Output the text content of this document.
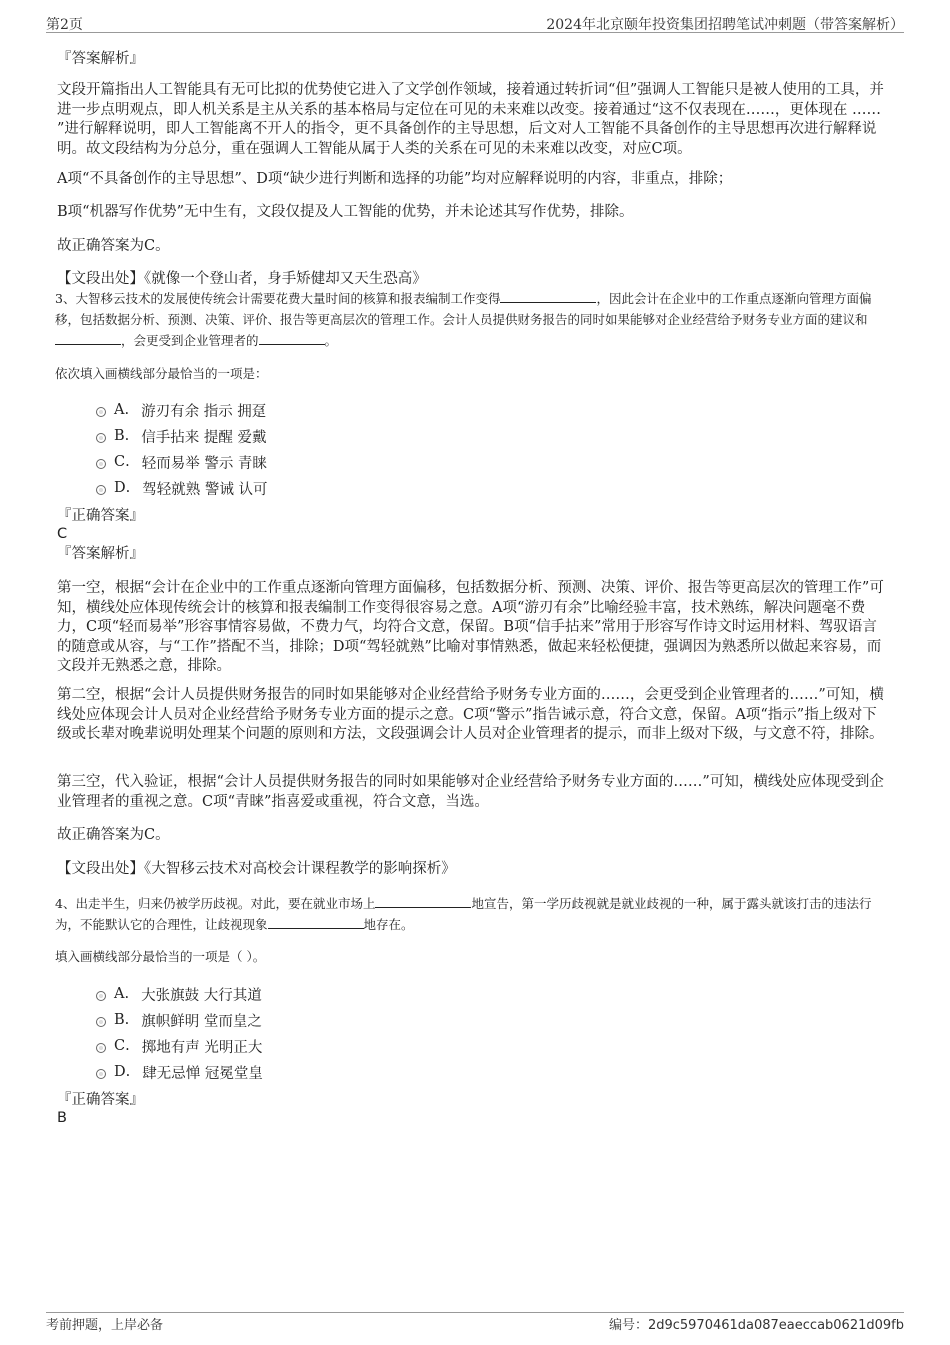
第2页	2024年北京颐年投资集团招聘笔试冲刺题（带答案解析）
『答案解析』

文段开篇指出人工智能具有无可比拟的优势使它进入了文学创作领域，接着通过转折词“但”强调人工智能只是被人使用的工具，并进一步点明观点，即人机关系是主从关系的基本格局与定位在可见的未来难以改变。接着通过“这不仅表现在……，更体现在 …… ”进行解释说明，即人工智能离不开人的指令，更不具备创作的主导思想，后文对人工智能不具备创作的主导思想再次进行解释说明。故文段结构为分总分，重在强调人工智能从属于人类的关系在可见的未来难以改变，对应C项。

A项“不具备创作的主导思想”、D项“缺少进行判断和选择的功能”均对应解释说明的内容，非重点，排除；

B项“机器写作优势”无中生有，文段仅提及人工智能的优势，并未论述其写作优势，排除。

故正确答案为C。

【文段出处】《就像一个登山者，身手矫健却又天生恐高》

3、大智移云技术的发展使传统会计需要花费大量时间的核算和报表编制工作变得	，因此会计在企业中的工作重点逐渐向管理方面偏移，包括数据分析、预测、决策、评价、报告等更高层次的管理工作。会计人员提供财务报告的同时如果能够对企业经营给予财务专业方面的建议和，会更受到企业管理者的	。

依次填入画横线部分最恰当的一项是：

A . 游刃有余 指示 拥趸
B . 信手拈来 提醒 爱戴
C . 轻而易举 警示 青睐
D . 驾轻就熟 警诫 认可
『正确答案』
C
『答案解析』

第一空，根据“会计在企业中的工作重点逐渐向管理方面偏移，包括数据分析、预测、决策、评价、报告等更高层次的管理工作”可知，横线处应体现传统会计的核算和报表编制工作变得很容易之意。A项“游刃有余”比喻经验丰富，技术熟练，解决问题毫不费力，C项“轻而易举”形容事情容易做，不费力气，均符合文意，保留。B项“信手拈来”常用于形容写作诗文时运用材料、驾驭语言的随意或从容，与“工作”搭配不当，排除；D项“驾轻就熟”比喻对事情熟悉，做起来轻松便捷，强调因为熟悉所以做起来容易，而文段并无熟悉之意，排除。

第二空，根据“会计人员提供财务报告的同时如果能够对企业经营给予财务专业方面的……，会更受到企业管理者的……”可知，横线处应体现会计人员对企业经营给予财务专业方面的提示之意。C项“警示”指告诫示意，符合文意，保留。A项“指示”指上级对下级或长辈对晚辈说明处理某个问题的原则和方法，文段强调会计人员对企业管理者的提示，而非上级对下级，与文意不符，排除。

第三空，代入验证，根据“会计人员提供财务报告的同时如果能够对企业经营给予财务专业方面的……”可知，横线处应体现受到企业管理者的重视之意。C项“青睐”指喜爱或重视，符合文意，当选。

故正确答案为C。

【文段出处】《大智移云技术对高校会计课程教学的影响探析》

4、出走半生，归来仍被学历歧视。对此，要在就业市场上	地宣告，第一学历歧视就是就业歧视的一种，属于露头就该打击的违法行为，不能默认它的合理性，让歧视现象	地存在。

填入画横线部分最恰当的一项是（ ）。

A . 大张旗鼓 大行其道
B . 旗帜鲜明 堂而皇之
C . 掷地有声 光明正大
D . 肆无忌惮 冠冕堂皇
『正确答案』
B
考前押题，上岸必备	编号：2d9c5970461da087eaeccab0621d09fb
